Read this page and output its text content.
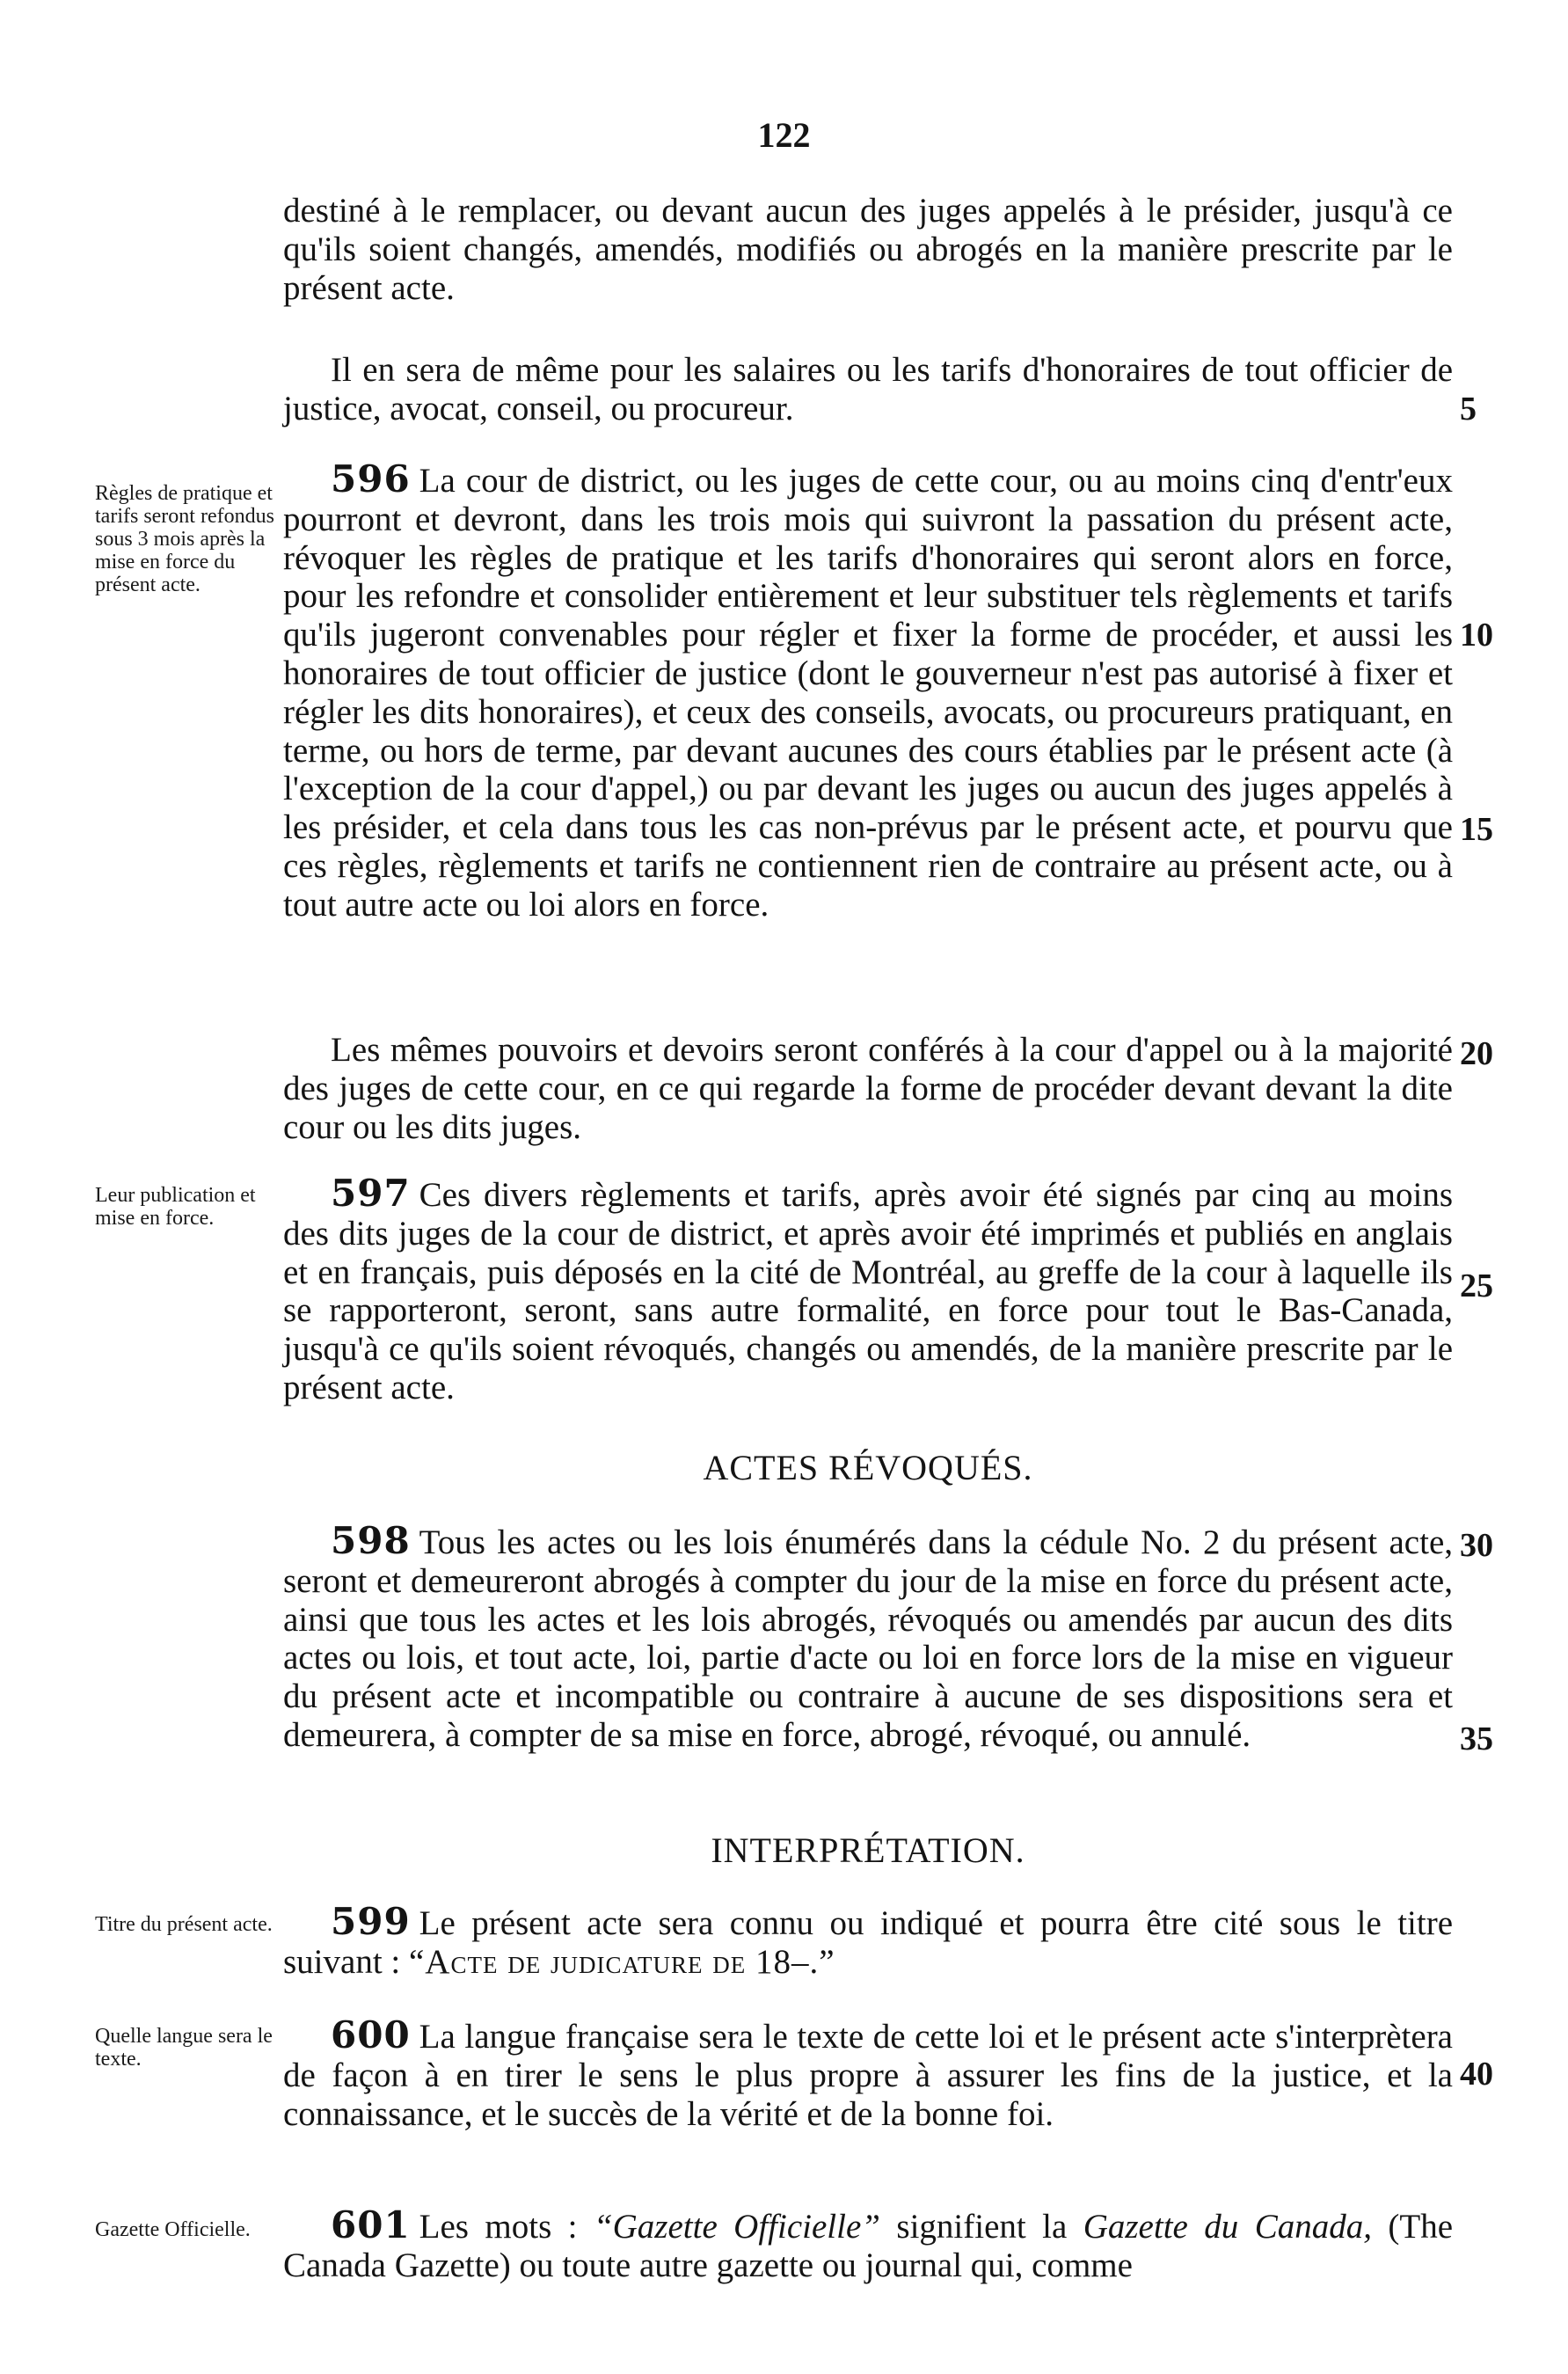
122

destiné à le remplacer, ou devant aucun des juges appelés à le présider, jusqu'à ce qu'ils soient changés, amendés, modifiés ou abrogés en la manière prescrite par le présent acte.

Il en sera de même pour les salaires ou les tarifs d'honoraires de tout officier de justice, avocat, conseil, ou procureur.	5
Règles de pratique et tarifs seront refondus sous 3 mois après la mise en force du présent acte.

596 La cour de district, ou les juges de cette cour, ou au moins cinq d'entr'eux pourront et devront, dans les trois mois qui suivront la passation du présent acte, révoquer les règles de pratique et les tarifs d'honoraires qui seront alors en force, pour les refondre et consolider entièrement et leur substituer tels règlements et tarifs qu'ils jugeront convenables pour régler et fixer la forme de procéder, et aussi les honoraires de tout officier de justice (dont le gouverneur n'est pas autorisé à fixer et régler les dits honoraires), et ceux des conseils, avocats, ou procureurs pratiquant, en terme, ou hors de terme, par devant aucunes des cours établies par le présent acte (à l'exception de la cour d'appel,) ou par devant les juges ou aucun des juges appelés à les présider, et cela dans tous les cas non-prévus par le présent acte, et pourvu que ces règles, règlements et tarifs ne contiennent rien de contraire au présent acte, ou à tout autre acte ou loi alors en force.

10
15

Les mêmes pouvoirs et devoirs seront conférés à la cour d'appel ou à la majorité des juges de cette cour, en ce qui regarde la forme de procéder devant devant la dite cour ou les dits juges.

20
Leur publication et mise en force.

597 Ces divers règlements et tarifs, après avoir été signés par cinq au moins des dits juges de la cour de district, et après avoir été imprimés et publiés en anglais et en français, puis déposés en la cité de Montréal, au greffe de la cour à laquelle ils se rapporteront, seront, sans autre formalité, en force pour tout le Bas-Canada, jusqu'à ce qu'ils soient révoqués, changés ou amendés, de la manière prescrite par le présent acte.

25
ACTES RÉVOQUÉS.

598 Tous les actes ou les lois énumérés dans la cédule No. 2 du présent acte, seront et demeureront abrogés à compter du jour de la mise en force du présent acte, ainsi que tous les actes et les lois abrogés, révoqués ou amendés par aucun des dits actes ou lois, et tout acte, loi, partie d'acte ou loi en force lors de la mise en vigueur du présent acte et incompatible ou contraire à aucune de ses dispositions sera et demeurera, à compter de sa mise en force, abrogé, révoqué, ou annulé.

30
35
INTERPRÉTATION.
Titre du présent acte.	599 Le présent acte sera connu ou indiqué et pourra être cité sous le titre suivant : “Acte de judicature de 18–.”

Quelle langue sera le texte.

600 La langue française sera le texte de cette loi et le présent acte s'interprètera de façon à en tirer le sens le plus propre à assurer les fins de la justice, et la connaissance, et le succès de la vérité et de la bonne foi.

40
Gazette Officielle.	601 Les mots : “Gazette Officielle” signifient la Gazette du Canada, (The Canada Gazette) ou toute autre gazette ou journal qui, comme
